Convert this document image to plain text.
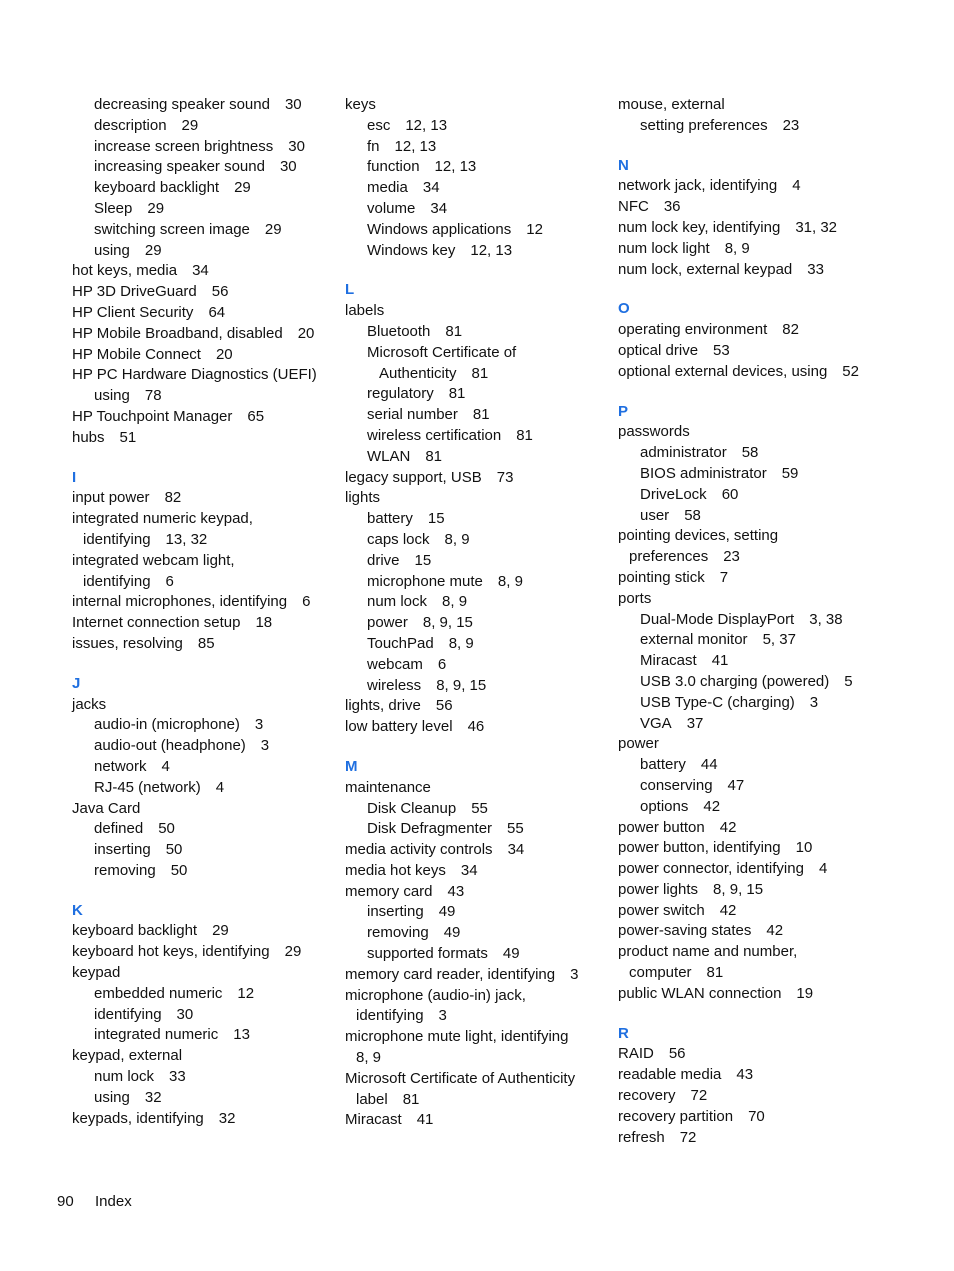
decreasing speaker sound 30
description 29
increase screen brightness 30
increasing speaker sound 30
keyboard backlight 29
Sleep 29
switching screen image 29
using 29
hot keys, media 34
HP 3D DriveGuard 56
HP Client Security 64
HP Mobile Broadband, disabled 20
HP Mobile Connect 20
HP PC Hardware Diagnostics (UEFI)
using 78
HP Touchpoint Manager 65
hubs 51
I
input power 82
integrated numeric keypad,
identifying 13, 32
integrated webcam light,
identifying 6
internal microphones, identifying 6
Internet connection setup 18
issues, resolving 85
J
jacks
audio-in (microphone) 3
audio-out (headphone) 3
network 4
RJ-45 (network) 4
Java Card
defined 50
inserting 50
removing 50
K
keyboard backlight 29
keyboard hot keys, identifying 29
keypad
embedded numeric 12
identifying 30
integrated numeric 13
keypad, external
num lock 33
using 32
keypads, identifying 32
keys
esc 12, 13
fn 12, 13
function 12, 13
media 34
volume 34
Windows applications 12
Windows key 12, 13
L
labels
Bluetooth 81
Microsoft Certificate of
Authenticity 81
regulatory 81
serial number 81
wireless certification 81
WLAN 81
legacy support, USB 73
lights
battery 15
caps lock 8, 9
drive 15
microphone mute 8, 9
num lock 8, 9
power 8, 9, 15
TouchPad 8, 9
webcam 6
wireless 8, 9, 15
lights, drive 56
low battery level 46
M
maintenance
Disk Cleanup 55
Disk Defragmenter 55
media activity controls 34
media hot keys 34
memory card 43
inserting 49
removing 49
supported formats 49
memory card reader, identifying 3
microphone (audio-in) jack,
identifying 3
microphone mute light, identifying
8, 9
Microsoft Certificate of Authenticity
label 81
Miracast 41
mouse, external
setting preferences 23
N
network jack, identifying 4
NFC 36
num lock key, identifying 31, 32
num lock light 8, 9
num lock, external keypad 33
O
operating environment 82
optical drive 53
optional external devices, using 52
P
passwords
administrator 58
BIOS administrator 59
DriveLock 60
user 58
pointing devices, setting
preferences 23
pointing stick 7
ports
Dual-Mode DisplayPort 3, 38
external monitor 5, 37
Miracast 41
USB 3.0 charging (powered) 5
USB Type-C (charging) 3
VGA 37
power
battery 44
conserving 47
options 42
power button 42
power button, identifying 10
power connector, identifying 4
power lights 8, 9, 15
power switch 42
power-saving states 42
product name and number,
computer 81
public WLAN connection 19
R
RAID 56
readable media 43
recovery 72
recovery partition 70
refresh 72
90 Index
